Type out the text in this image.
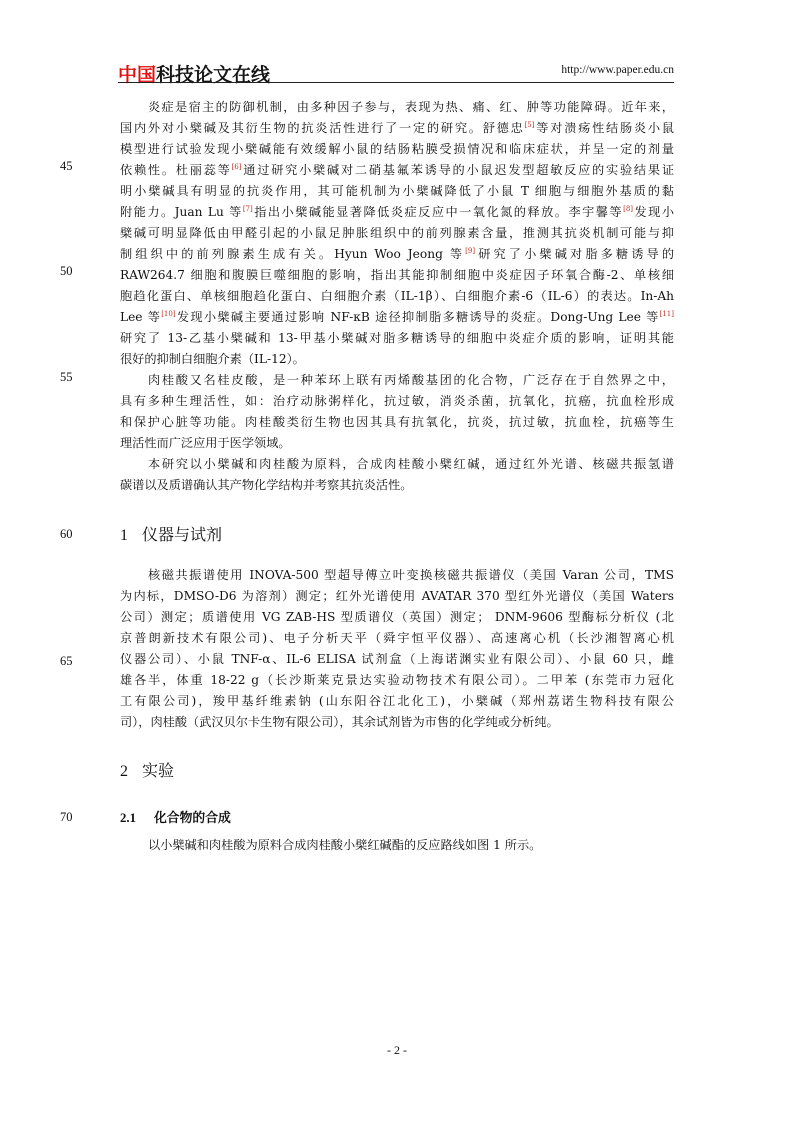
中国科技论文在线	http://www.paper.edu.cn
45
50
55
60
65
70
炎症是宿主的防御机制，由多种因子参与，表现为热、痛、红、肿等功能障碍。近年来，
国内外对小檗碱及其衍生物的抗炎活性进行了一定的研究。舒德忠[5]等对溃疡性结肠炎小鼠
模型进行试验发现小檗碱能有效缓解小鼠的结肠粘膜受损情况和临床症状，并呈一定的剂量
依赖性。杜丽蕊等[6]通过研究小檗碱对二硝基氟苯诱导的小鼠迟发型超敏反应的实验结果证
明小檗碱具有明显的抗炎作用，其可能机制为小檗碱降低了小鼠 T 细胞与细胞外基质的黏
附能力。Juan Lu 等[7]指出小檗碱能显著降低炎症反应中一氧化氮的释放。李宇馨等[8]发现小
檗碱可明显降低由甲醛引起的小鼠足肿胀组织中的前列腺素含量，推测其抗炎机制可能与抑
制组织中的前列腺素生成有关。Hyun Woo Jeong 等[9]研究了小檗碱对脂多糖诱导的
RAW264.7 细胞和腹膜巨噬细胞的影响，指出其能抑制细胞中炎症因子环氧合酶-2、单核细
胞趋化蛋白、单核细胞趋化蛋白、白细胞介素（IL-1β）、白细胞介素-6（IL-6）的表达。In-Ah
Lee 等[10]发现小檗碱主要通过影响 NF-κB 途径抑制脂多糖诱导的炎症。Dong-Ung Lee 等[11]
研究了 13-乙基小檗碱和 13-甲基小檗碱对脂多糖诱导的细胞中炎症介质的影响，证明其能
很好的抑制白细胞介素（IL-12）。
肉桂酸又名桂皮酸，是一种苯环上联有丙烯酸基团的化合物，广泛存在于自然界之中，
具有多种生理活性，如：治疗动脉粥样化，抗过敏，消炎杀菌，抗氧化，抗癌，抗血栓形成
和保护心脏等功能。肉桂酸类衍生物也因其具有抗氧化，抗炎，抗过敏，抗血栓，抗癌等生
理活性而广泛应用于医学领域。
本研究以小檗碱和肉桂酸为原料，合成肉桂酸小檗红碱，通过红外光谱、核磁共振氢谱
碳谱以及质谱确认其产物化学结构并考察其抗炎活性。
1 仪器与试剂
核磁共振谱使用 INOVA-500 型超导傅立叶变换核磁共振谱仪（美国 Varan 公司，TMS
为内标，DMSO-D6 为溶剂）测定；红外光谱使用 AVATAR 370 型红外光谱仪（美国 Waters
公司）测定；质谱使用 VG ZAB-HS 型质谱仪（英国）测定； DNM-9606 型酶标分析仪 (北
京普朗新技术有限公司)、电子分析天平（舜宇恒平仪器）、高速离心机（长沙湘智离心机
仪器公司）、小鼠 TNF-α、IL-6 ELISA 试剂盒（上海诺渊实业有限公司）、小鼠 60 只，雌
雄各半，体重 18-22 g（长沙斯莱克景达实验动物技术有限公司）。二甲苯 (东莞市力冠化
工有限公司)，羧甲基纤维素钠 (山东阳谷江北化工)，小檗碱（郑州荔诺生物科技有限公
司），肉桂酸（武汉贝尔卡生物有限公司），其余试剂皆为市售的化学纯或分析纯。
2 实验
2.1 化合物的合成
以小檗碱和肉桂酸为原料合成肉桂酸小檗红碱酯的反应路线如图 1 所示。
- 2 -
